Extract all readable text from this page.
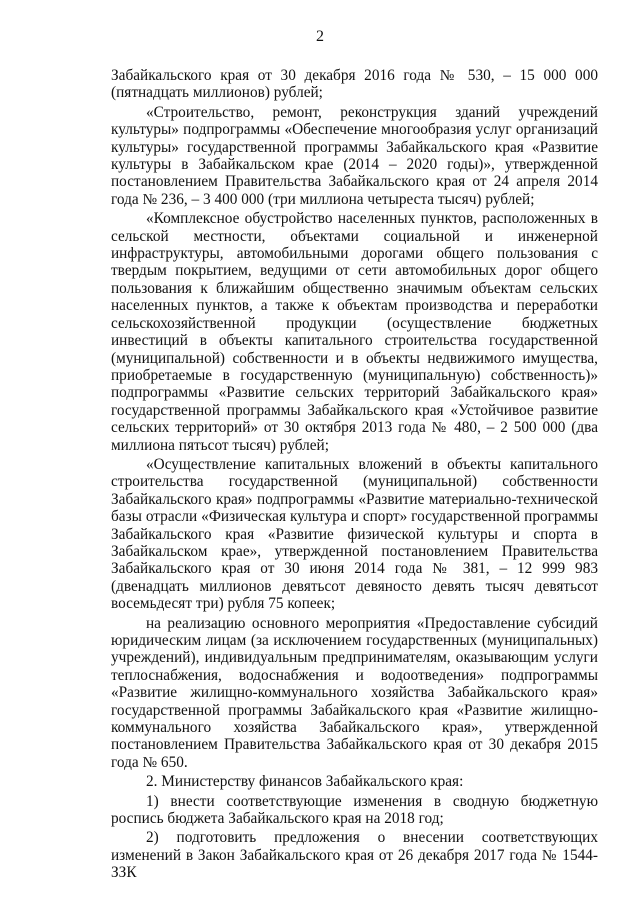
2

Забайкальского края от 30 декабря 2016 года № 530, – 15 000 000 (пятнадцать миллионов) рублей;

«Строительство, ремонт, реконструкция зданий учреждений культуры» подпрограммы «Обеспечение многообразия услуг организаций культуры» государственной программы Забайкальского края «Развитие культуры в Забайкальском крае (2014 – 2020 годы)», утвержденной постановлением Правительства Забайкальского края от 24 апреля 2014 года № 236, – 3 400 000 (три миллиона четыреста тысяч) рублей;

«Комплексное обустройство населенных пунктов, расположенных в сельской местности, объектами социальной и инженерной инфраструктуры, автомобильными дорогами общего пользования с твердым покрытием, ведущими от сети автомобильных дорог общего пользования к ближайшим общественно значимым объектам сельских населенных пунктов, а также к объектам производства и переработки сельскохозяйственной продукции (осуществление бюджетных инвестиций в объекты капитального строительства государственной (муниципальной) собственности и в объекты недвижимого имущества, приобретаемые в государственную (муниципальную) собственность)» подпрограммы «Развитие сельских территорий Забайкальского края» государственной программы Забайкальского края «Устойчивое развитие сельских территорий» от 30 октября 2013 года № 480, – 2 500 000 (два миллиона пятьсот тысяч) рублей;

«Осуществление капитальных вложений в объекты капитального строительства государственной (муниципальной) собственности Забайкальского края» подпрограммы «Развитие материально-технической базы отрасли «Физическая культура и спорт» государственной программы Забайкальского края «Развитие физической культуры и спорта в Забайкальском крае», утвержденной постановлением Правительства Забайкальского края от 30 июня 2014 года № 381, – 12 999 983 (двенадцать миллионов девятьсот девяносто девять тысяч девятьсот восемьдесят три) рубля 75 копеек;

на реализацию основного мероприятия «Предоставление субсидий юридическим лицам (за исключением государственных (муниципальных) учреждений), индивидуальным предпринимателям, оказывающим услуги теплоснабжения, водоснабжения и водоотведения» подпрограммы «Развитие жилищно-коммунального хозяйства Забайкальского края» государственной программы Забайкальского края «Развитие жилищно-коммунального хозяйства Забайкальского края», утвержденной постановлением Правительства Забайкальского края от 30 декабря 2015 года № 650.

2. Министерству финансов Забайкальского края:

1) внести соответствующие изменения в сводную бюджетную роспись бюджета Забайкальского края на 2018 год;

2) подготовить предложения о внесении соответствующих изменений в Закон Забайкальского края от 26 декабря 2017 года № 1544-ЗЗК
